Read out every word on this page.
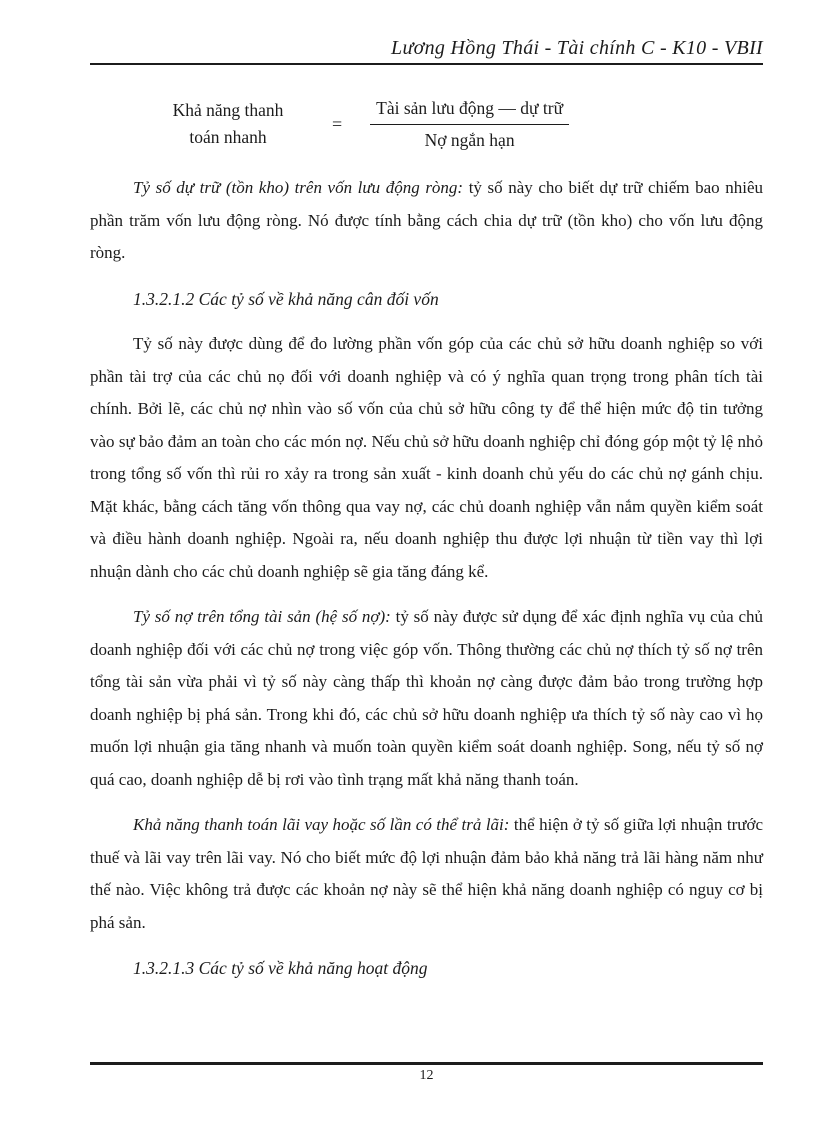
Lương Hồng Thái - Tài chính C - K10 - VBII
Khả năng thanh
toán nhanh
= $\frac{\text{Tài sản lưu động — dự trữ}}{\text{Nợ ngắn hạn}}$

Tỷ số dự trữ (tồn kho) trên vốn lưu động ròng: tỷ số này cho biết dự trữ chiếm bao nhiêu phần trăm vốn lưu động ròng. Nó được tính bằng cách chia dự trữ (tồn kho) cho vốn lưu động ròng.

1.3.2.1.2 Các tỷ số về khả năng cân đối vốn

Tỷ số này được dùng để đo lường phần vốn góp của các chủ sở hữu doanh nghiệp so với phần tài trợ của các chủ nọ đối với doanh nghiệp và có ý nghĩa quan trọng trong phân tích tài chính. Bởi lẽ, các chủ nợ nhìn vào số vốn của chủ sở hữu công ty để thể hiện mức độ tin tưởng vào sự bảo đảm an toàn cho các món nợ. Nếu chủ sở hữu doanh nghiệp chỉ đóng góp một tỷ lệ nhỏ trong tổng số vốn thì rủi ro xảy ra trong sản xuất - kinh doanh chủ yếu do các chủ nợ gánh chịu. Mặt khác, bằng cách tăng vốn thông qua vay nợ, các chủ doanh nghiệp vẫn nắm quyền kiểm soát và điều hành doanh nghiệp. Ngoài ra, nếu doanh nghiệp thu được lợi nhuận từ tiền vay thì lợi nhuận dành cho các chủ doanh nghiệp sẽ gia tăng đáng kể.

Tỷ số nợ trên tổng tài sản (hệ số nợ): tỷ số này được sử dụng để xác định nghĩa vụ của chủ doanh nghiệp đối với các chủ nợ trong việc góp vốn. Thông thường các chủ nợ thích tỷ số nợ trên tổng tài sản vừa phải vì tỷ số này càng thấp thì khoản nợ càng được đảm bảo trong trường hợp doanh nghiệp bị phá sản. Trong khi đó, các chủ sở hữu doanh nghiệp ưa thích tỷ số này cao vì họ muốn lợi nhuận gia tăng nhanh và muốn toàn quyền kiểm soát doanh nghiệp. Song, nếu tỷ số nợ quá cao, doanh nghiệp dễ bị rơi vào tình trạng mất khả năng thanh toán.

Khả năng thanh toán lãi vay hoặc số lần có thể trả lãi: thể hiện ở tỷ số giữa lợi nhuận trước thuế và lãi vay trên lãi vay. Nó cho biết mức độ lợi nhuận đảm bảo khả năng trả lãi hàng năm như thế nào. Việc không trả được các khoản nợ này sẽ thể hiện khả năng doanh nghiệp có nguy cơ bị phá sản.

1.3.2.1.3 Các tỷ số về khả năng hoạt động

12
